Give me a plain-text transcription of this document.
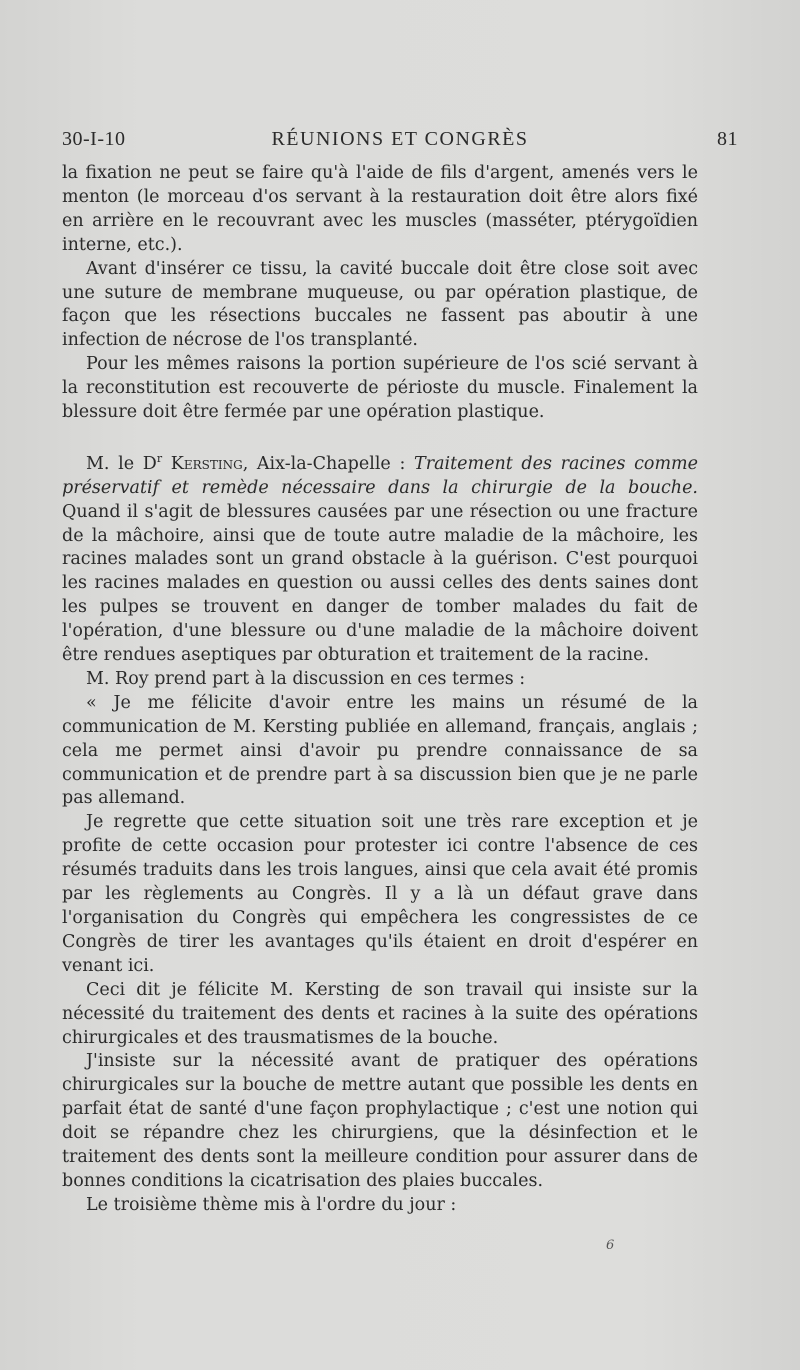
30-I-10	RÉUNIONS ET CONGRÈS	81

la fixation ne peut se faire qu'à l'aide de fils d'argent, amenés vers le menton (le morceau d'os servant à la restauration doit être alors fixé en arrière en le recouvrant avec les muscles (masséter, ptérygoïdien interne, etc.).

Avant d'insérer ce tissu, la cavité buccale doit être close soit avec une suture de membrane muqueuse, ou par opération plastique, de façon que les résections buccales ne fassent pas aboutir à une infection de nécrose de l'os transplanté.

Pour les mêmes raisons la portion supérieure de l'os scié servant à la reconstitution est recouverte de périoste du muscle. Finalement la blessure doit être fermée par une opération plastique.

M. le $D^r$ Kersting, Aix-la-Chapelle : Traitement des racines comme préservatif et remède nécessaire dans la chirurgie de la bouche. Quand il s'agit de blessures causées par une résection ou une fracture de la mâchoire, ainsi que de toute autre maladie de la mâchoire, les racines malades sont un grand obstacle à la guérison. C'est pourquoi les racines malades en question ou aussi celles des dents saines dont les pulpes se trouvent en danger de tomber malades du fait de l'opération, d'une blessure ou d'une maladie de la mâchoire doivent être rendues aseptiques par obturation et traitement de la racine.

M. Roy prend part à la discussion en ces termes :

« Je me félicite d'avoir entre les mains un résumé de la communication de M. Kersting publiée en allemand, français, anglais ; cela me permet ainsi d'avoir pu prendre connaissance de sa communication et de prendre part à sa discussion bien que je ne parle pas allemand.

Je regrette que cette situation soit une très rare exception et je profite de cette occasion pour protester ici contre l'absence de ces résumés traduits dans les trois langues, ainsi que cela avait été promis par les règlements au Congrès. Il y a là un défaut grave dans l'organisation du Congrès qui empêchera les congressistes de ce Congrès de tirer les avantages qu'ils étaient en droit d'espérer en venant ici.

Ceci dit je félicite M. Kersting de son travail qui insiste sur la nécessité du traitement des dents et racines à la suite des opérations chirurgicales et des trausmatismes de la bouche.

J'insiste sur la nécessité avant de pratiquer des opérations chirurgicales sur la bouche de mettre autant que possible les dents en parfait état de santé d'une façon prophylactique ; c'est une notion qui doit se répandre chez les chirurgiens, que la désinfection et le traitement des dents sont la meilleure condition pour assurer dans de bonnes conditions la cicatrisation des plaies buccales.

Le troisième thème mis à l'ordre du jour :

6
